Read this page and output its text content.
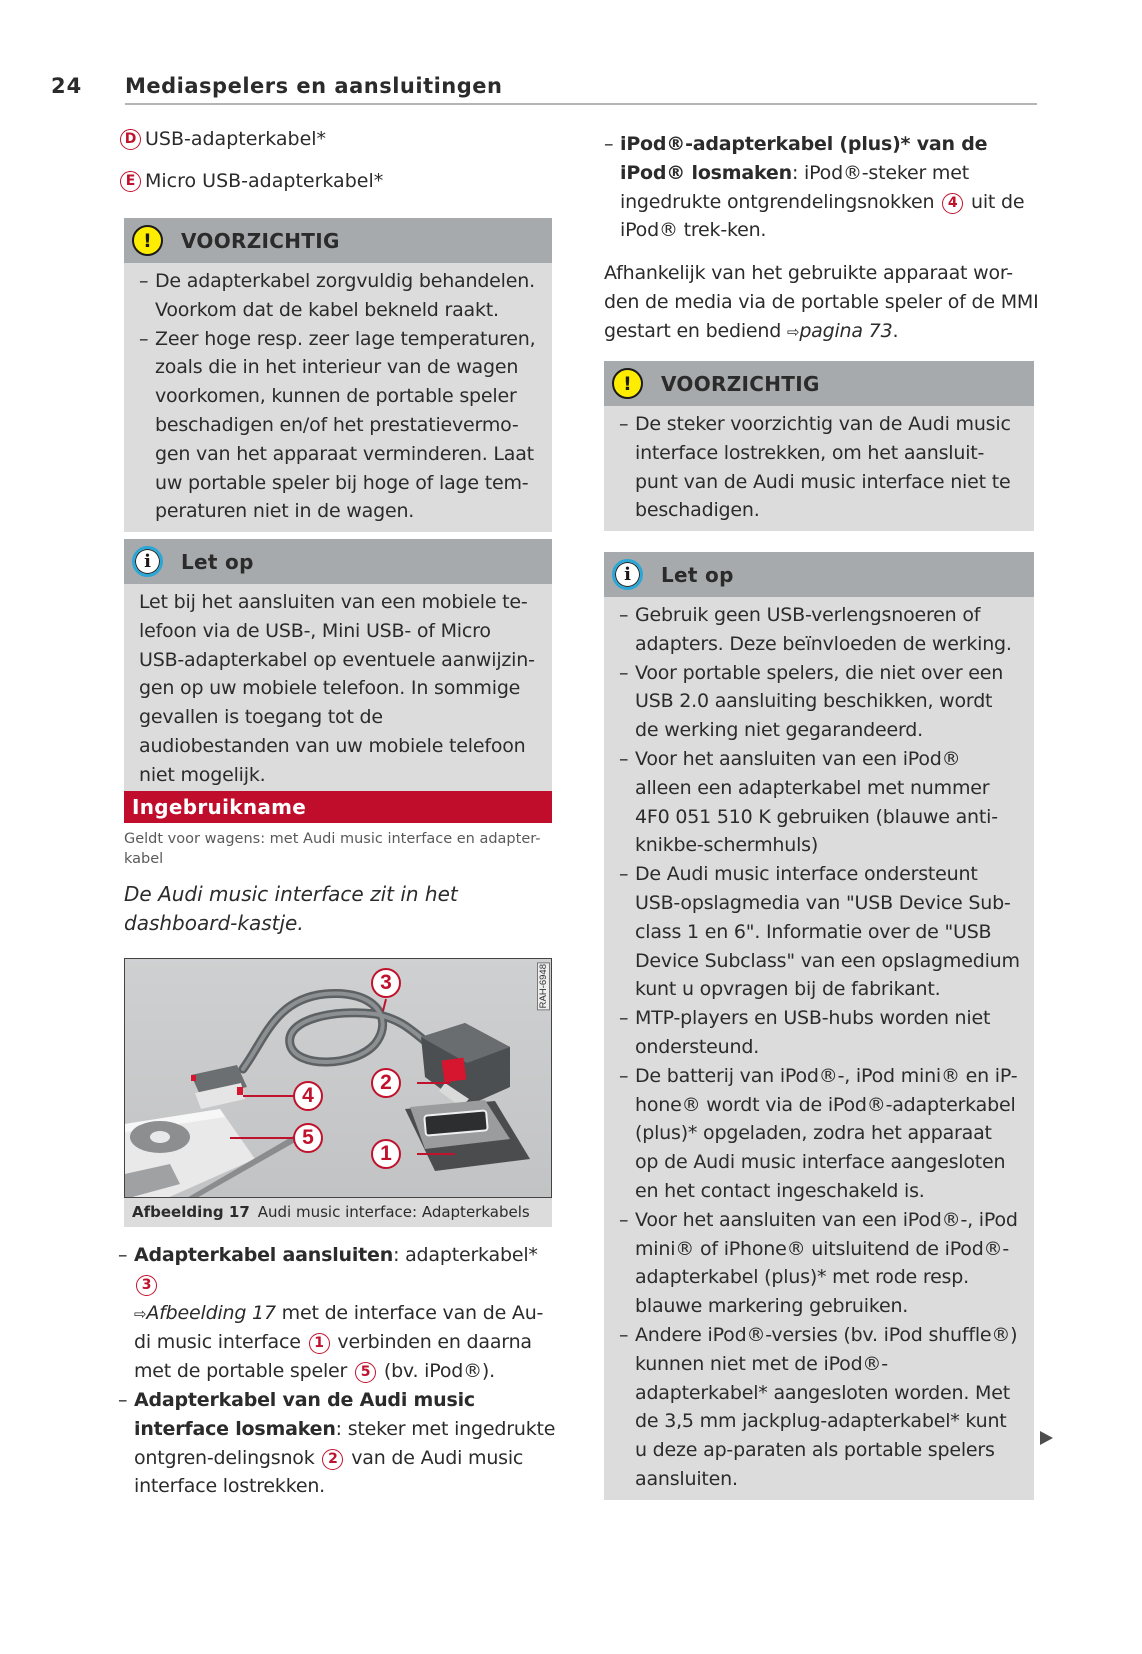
24 Mediaspelers en aansluitingen
D USB-adapterkabel*
E Micro USB-adapterkabel*
!	VOORZICHTIG
– De adapterkabel zorgvuldig behandelen. Voorkom dat de kabel bekneld raakt.
– Zeer hoge resp. zeer lage temperaturen, zoals die in het interieur van de wagen voorkomen, kunnen de portable speler beschadigen en/of het prestatievermo-gen van het apparaat verminderen. Laat uw portable speler bij hoge of lage tem-peraturen niet in de wagen.
i	Let op

Let bij het aansluiten van een mobiele te-lefoon via de USB-, Mini USB- of Micro USB-adapterkabel op eventuele aanwijzin-gen op uw mobiele telefoon. In sommige gevallen is toegang tot de audiobestanden van uw mobiele telefoon niet mogelijk.

Ingebruikname
Geldt voor wagens: met Audi music interface en adapter-kabel
De Audi music interface zit in het dashboard-kastje.
3
2
4
5
1
RAH-6948
Afbeelding 17 Audi music interface: Adapterkabels
– Adapterkabel aansluiten: adapterkabel* 3
⇨Afbeelding 17 met de interface van de Au-di music interface 1 verbinden en daarna met de portable speler 5 (bv. iPod®).
– Adapterkabel van de Audi music interface losmaken: steker met ingedrukte ontgren-delingsnok 2 van de Audi music interface lostrekken.
– iPod®-adapterkabel (plus)* van de iPod® losmaken: iPod®-steker met ingedrukte ontgrendelingsnokken 4 uit de iPod® trek-ken.

Afhankelijk van het gebruikte apparaat wor-den de media via de portable speler of de MMI gestart en bediend ⇨pagina 73.

!	VOORZICHTIG
– De steker voorzichtig van de Audi music interface lostrekken, om het aansluit-punt van de Audi music interface niet te beschadigen.
i	Let op
– Gebruik geen USB-verlengsnoeren of adapters. Deze beïnvloeden de werking.
– Voor portable spelers, die niet over een USB 2.0 aansluiting beschikken, wordt de werking niet gegarandeerd.
– Voor het aansluiten van een iPod® alleen een adapterkabel met nummer 4F0 051 510 K gebruiken (blauwe anti-knikbe-schermhuls)
– De Audi music interface ondersteunt USB-opslagmedia van "USB Device Sub-class 1 en 6". Informatie over de "USB Device Subclass" van een opslagmedium kunt u opvragen bij de fabrikant.
– MTP-players en USB-hubs worden niet ondersteund.
– De batterij van iPod®-, iPod mini® en iP-hone® wordt via de iPod®-adapterkabel (plus)* opgeladen, zodra het apparaat op de Audi music interface aangesloten en het contact ingeschakeld is.
– Voor het aansluiten van een iPod®-, iPod mini® of iPhone® uitsluitend de iPod®-adapterkabel (plus)* met rode resp. blauwe markering gebruiken.
– Andere iPod®-versies (bv. iPod shuffle®) kunnen niet met de iPod®-adapterkabel* aangesloten worden. Met de 3,5 mm jackplug-adapterkabel* kunt u deze ap-paraten als portable spelers aansluiten.
